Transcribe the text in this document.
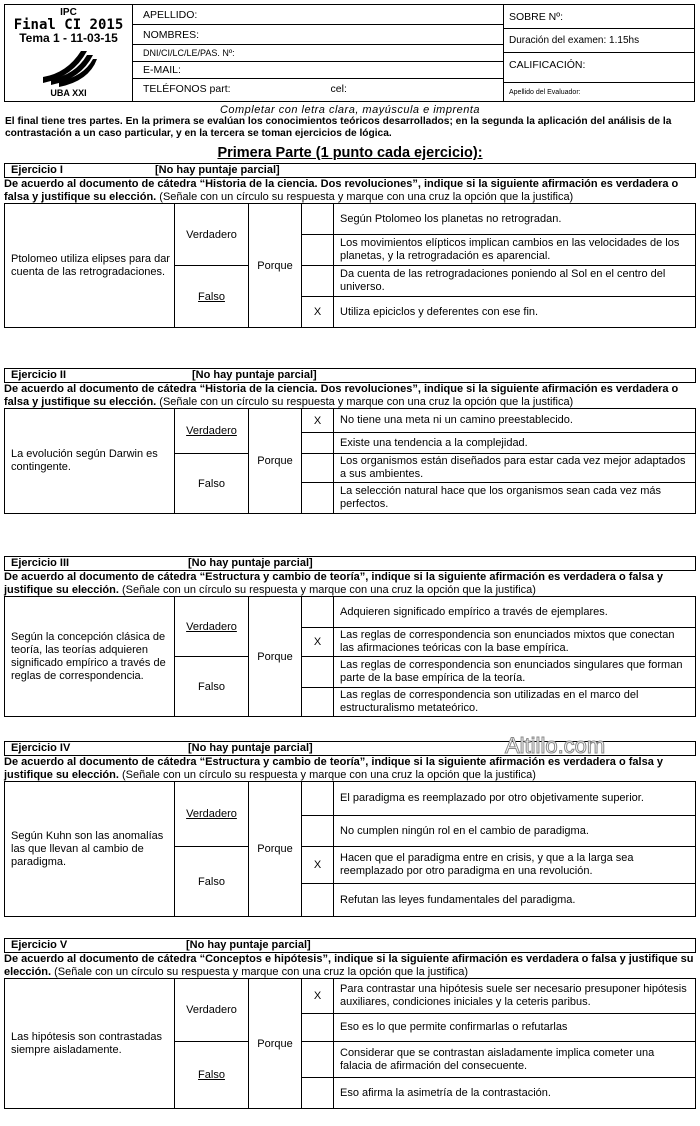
IPC
Final CI 2015
Tema 1 - 11-03-15
UBA XXI
APELLIDO:
NOMBRES:
DNI/CI/LC/LE/PAS. Nº:
E-MAIL:
TELÉFONOS part:	cel:
SOBRE Nº:
Duración del examen: 1.15hs
CALIFICACIÓN:
Apellido del Evaluador:
Completar con letra clara, mayúscula e imprenta
El final tiene tres partes. En la primera se evalúan los conocimientos teóricos desarrollados; en la segunda la aplicación del análisis de la contrastación a un caso particular, y en la tercera se toman ejercicios de lógica.
Primera Parte (1 punto cada ejercicio):
Ejercicio I	[No hay puntaje parcial]
De acuerdo al documento de cátedra “Historia de la ciencia. Dos revoluciones”, indique si la siguiente afirmación es verdadera o falsa y justifique su elección. (Señale con un círculo su respuesta y marque con una cruz la opción que la justifica)
Ptolomeo utiliza elipses para dar cuenta de las retrogradaciones.	Verdadero	Porque		Según Ptolomeo los planetas no retrogradan.
				Los movimientos elípticos implican cambios en las velocidades de los planetas, y la retrogradación es aparencial.
	Falso			Da cuenta de las retrogradaciones poniendo al Sol en el centro del universo.
			X	Utiliza epiciclos y deferentes con ese fin.
Ejercicio II	[No hay puntaje parcial]
De acuerdo al documento de cátedra “Historia de la ciencia. Dos revoluciones”, indique si la siguiente afirmación es verdadera o falsa y justifique su elección. (Señale con un círculo su respuesta y marque con una cruz la opción que la justifica)
La evolución según Darwin es contingente.	Verdadero	Porque	X	No tiene una meta ni un camino preestablecido.
				Existe una tendencia a la complejidad.
	Falso			Los organismos están diseñados para estar cada vez mejor adaptados a sus ambientes.
				La selección natural hace que los organismos sean cada vez más perfectos.
Ejercicio III	[No hay puntaje parcial]
De acuerdo al documento de cátedra “Estructura y cambio de teoría”, indique si la siguiente afirmación es verdadera o falsa y justifique su elección. (Señale con un círculo su respuesta y marque con una cruz la opción que la justifica)
Según la concepción clásica de teoría, las teorías adquieren significado empírico a través de reglas de correspondencia.	Verdadero	Porque		Adquieren significado empírico a través de ejemplares.
			X	Las reglas de correspondencia son enunciados mixtos que conectan las afirmaciones teóricas con la base empírica.
	Falso			Las reglas de correspondencia son enunciados singulares que forman parte de la base empírica de la teoría.
				Las reglas de correspondencia son utilizadas en el marco del estructuralismo metateórico.
Ejercicio IV	[No hay puntaje parcial]
De acuerdo al documento de cátedra “Estructura y cambio de teoría”, indique si la siguiente afirmación es verdadera o falsa y justifique su elección. (Señale con un círculo su respuesta y marque con una cruz la opción que la justifica)
Según Kuhn son las anomalías las que llevan al cambio de paradigma.	Verdadero	Porque		El paradigma es reemplazado por otro objetivamente superior.
				No cumplen ningún rol en el cambio de paradigma.
	Falso		X	Hacen que el paradigma entre en crisis, y que a la larga sea reemplazado por otro paradigma en una revolución.
				Refutan las leyes fundamentales del paradigma.
Ejercicio V	[No hay puntaje parcial]
De acuerdo al documento de cátedra “Conceptos e hipótesis”, indique si la siguiente afirmación es verdadera o falsa y justifique su elección. (Señale con un círculo su respuesta y marque con una cruz la opción que la justifica)
Las hipótesis son contrastadas siempre aisladamente.	Verdadero	Porque	X	Para contrastar una hipótesis suele ser necesario presuponer hipótesis auxiliares, condiciones iniciales y la ceteris paribus.
				Eso es lo que permite confirmarlas o refutarlas
	Falso			Considerar que se contrastan aisladamente implica cometer una falacia de afirmación del consecuente.
				Eso afirma la asimetría de la contrastación.
Altillo.com
